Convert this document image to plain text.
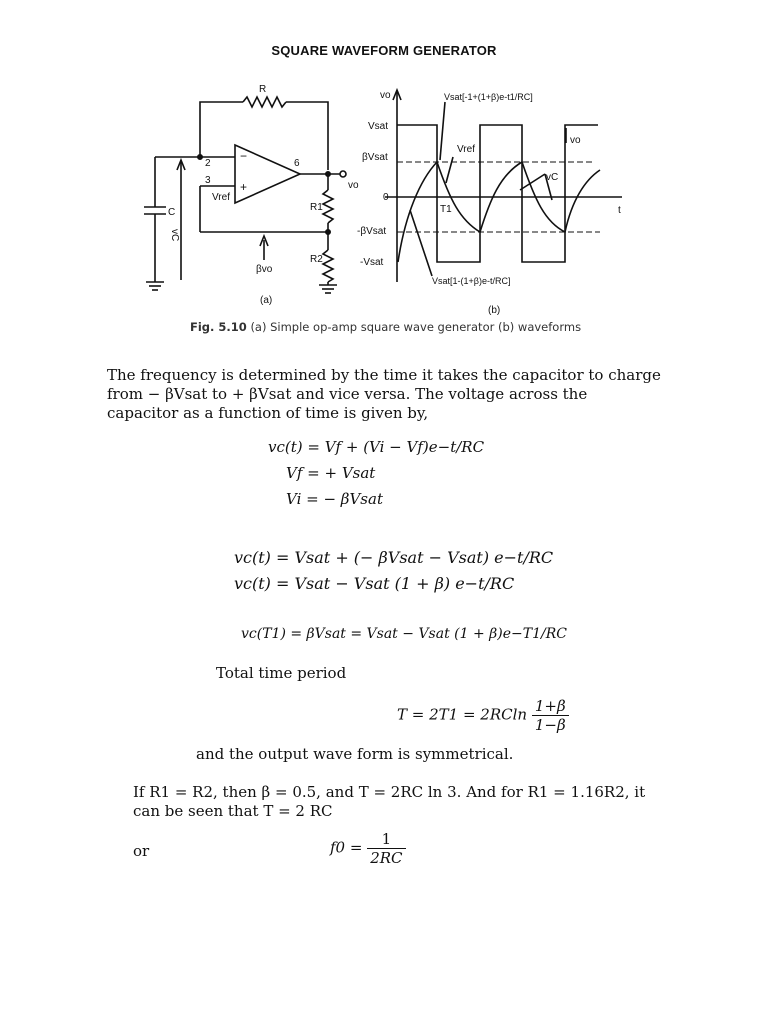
SQUARE WAVEFORM GENERATOR
R
2
3
6
−
+
Vref
C
vC
vo
R1
R2
βvo
(a)
vo
t
Vsat
βVsat
0
-βVsat
-Vsat
Vref
vC
vo
T1
Vsat[-1+(1+β)e-t1/RC]
Vsat[1-(1+β)e-t/RC]
(b)
Fig. 5.10 (a) Simple op-amp square wave generator (b) waveforms
The frequency is determined by the time it takes the capacitor to charge from − βVsat to + βVsat and vice versa. The voltage across the capacitor as a function of time is given by,
vc(t) = Vf + (Vi − Vf)e−t/RC
Vf = + Vsat
Vi = − βVsat
vc(t) = Vsat + (− βVsat − Vsat) e−t/RC
vc(t) = Vsat − Vsat (1 + β) e−t/RC
vc(T1) = βVsat = Vsat − Vsat (1 + β)e−T1/RC
Total time period
$T = 2T1 = 2RCln \frac{1+\beta}{1-\beta}$
and the output wave form is symmetrical.
If R1 = R2, then β = 0.5, and T = 2RC ln 3. And for R1 = 1.16R2, it can be seen that T = 2 RC
or	$f0 = \frac{1}{2RC}$
